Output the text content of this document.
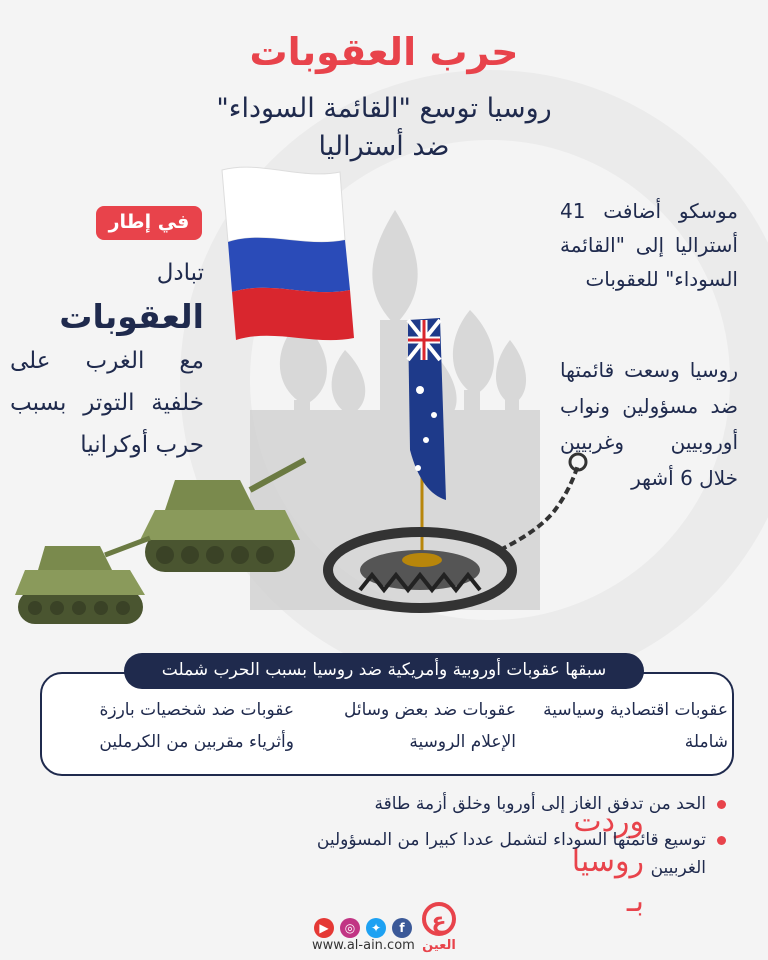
حرب العقوبات
روسيا توسع "القائمة السوداء"
ضد أستراليا
في إطار
تبادل
العقوبات
مع الغرب على خلفية التوتر بسبب حرب أوكرانيا
موسكو أضافت 41 أستراليا إلى "القائمة السوداء" للعقوبات
روسيا وسعت قائمتها ضد مسؤولين ونواب أوروبيين وغربيين خلال 6 أشهر
سبقها عقوبات أوروبية وأمريكية ضد روسيا بسبب الحرب شملت
عقوبات اقتصادية وسياسية شاملة
عقوبات ضد بعض وسائل الإعلام الروسية
عقوبات ضد شخصيات بارزة وأثرياء مقربين من الكرملين
وردت
روسيا بـ
الحد من تدفق الغاز إلى أوروبا وخلق أزمة طاقة
توسيع قائمتها السوداء لتشمل عددا كبيرا من المسؤولين الغربيين
▶	◎	✦	f
www.al-ain.com
ع
العين
